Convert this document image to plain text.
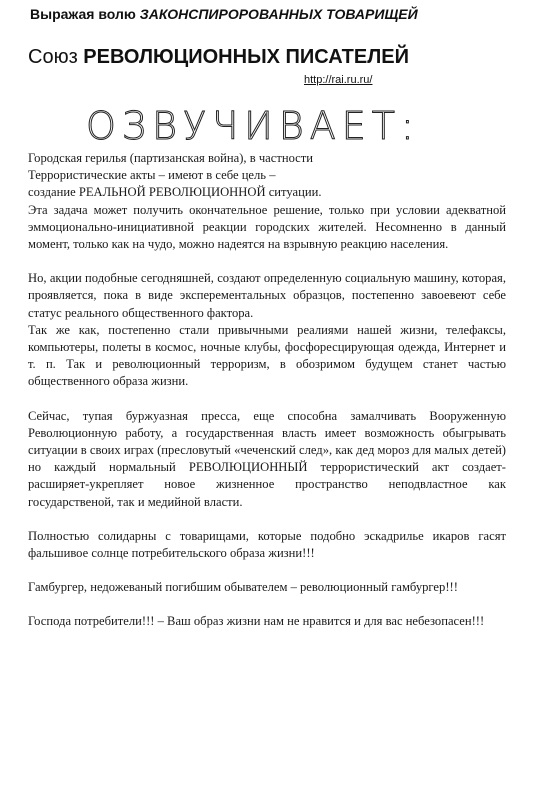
Выражая волю ЗАКОНСПИРОРОВАННЫХ ТОВАРИЩЕЙ
Союз РЕВОЛЮЦИОННЫХ ПИСАТЕЛЕЙ
http://rai.ru.ru/
ОЗВУЧИВАЕТ:

Городская герилья (партизанская война), в частности

Террористические акты – имеют в себе цель –

создание РЕАЛЬНОЙ РЕВОЛЮЦИОННОЙ ситуации.

Эта задача может получить окончательное решение, только при условии адекватной эммоционально-инициативной реакции городских жителей. Несомненно в данный момент, только как на чудо, можно надеятся на взрывную реакцию населения.

Но, акции подобные сегодняшней, создают определенную социальную машину, которая, проявляется, пока в виде эксперементальных образцов, постепенно завоевеют себе статус реального общественного фактора.

Так же как, постепенно стали привычными реалиями нашей жизни, телефаксы, компьютеры, полеты в космос, ночные клубы, фосфоресцирующая одежда, Интернет и т. п. Так и революционный терроризм, в обозримом будущем станет частью общественного образа жизни.

Сейчас, тупая буржуазная пресса, еще способна замалчивать Вооруженную Революционную работу, а государственная власть имеет возможность обыгрывать ситуации в своих играх (пресловутый «чеченский след», как дед мороз для малых детей) но каждый нормальный РЕВОЛЮЦИОННЫЙ террористический акт создает-расширяет-укрепляет новое жизненное пространство неподвластное как государственой, так и медийной власти.

Полностью солидарны с товарищами, которые подобно эскадрилье икаров гасят фальшивое солнце потребительского образа жизни!!!

Гамбургер, недожеваный погибшим обывателем – революционный гамбургер!!!

Господа потребители!!! – Ваш образ жизни нам не нравится и для вас небезопасен!!!
